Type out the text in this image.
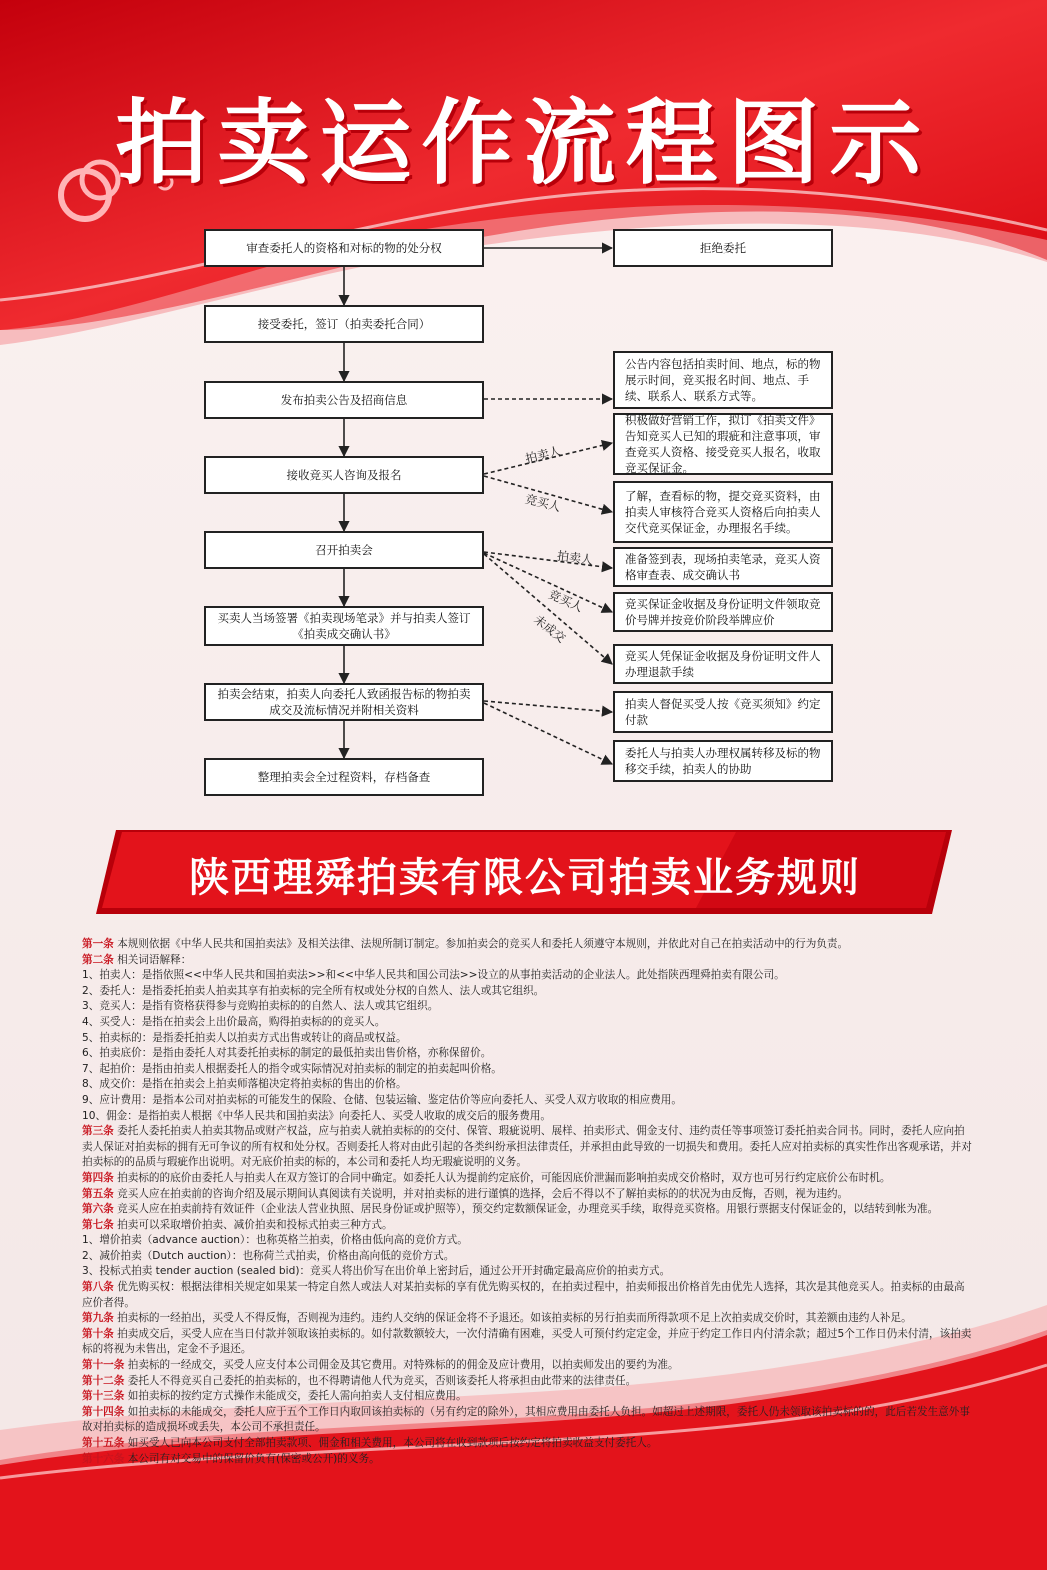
拍卖运作流程图示
审查委托人的资格和对标的物的处分权
接受委托，签订（拍卖委托合同）
发布拍卖公告及招商信息
接收竞买人咨询及报名
召开拍卖会
买卖人当场签署《拍卖现场笔录》并与拍卖人签订《拍卖成交确认书》
拍卖会结束，拍卖人向委托人致函报告标的物拍卖成交及流标情况并附相关资料
整理拍卖会全过程资料，存档备查
拒绝委托
公告内容包括拍卖时间、地点，标的物展示时间，竞买报名时间、地点、手续、联系人、联系方式等。
积极做好营销工作，拟订《拍卖文件》告知竞买人已知的瑕疵和注意事项，审查竞买人资格、接受竞买人报名，收取竞买保证金。
了解，查看标的物，提交竞买资料，由拍卖人审核符合竞买人资格后向拍卖人交代竞买保证金，办理报名手续。
准备签到表，现场拍卖笔录，竞买人资格审查表、成交确认书
竞买保证金收据及身份证明文件领取竞价号牌并按竞价阶段举牌应价
竞买人凭保证金收据及身份证明文件人办理退款手续
拍卖人督促买受人按《竞买须知》约定付款
委托人与拍卖人办理权属转移及标的物移交手续，拍卖人的协助
拍卖人
竞买人
拍卖人
竞买人
未成交
陕西理舜拍卖有限公司拍卖业务规则

第一条 本规则依据《中华人民共和国拍卖法》及相关法律、法规所制订制定。参加拍卖会的竞买人和委托人须遵守本规则，并依此对自己在拍卖活动中的行为负责。

第二条 相关词语解释：

1、拍卖人：是指依照<<中华人民共和国拍卖法>>和<<中华人民共和国公司法>>设立的从事拍卖活动的企业法人。此处指陕西理舜拍卖有限公司。

2、委托人：是指委托拍卖人拍卖其享有拍卖标的完全所有权或处分权的自然人、法人或其它组织。

3、竞买人：是指有资格获得参与竞购拍卖标的的自然人、法人或其它组织。

4、买受人：是指在拍卖会上出价最高，购得拍卖标的的竞买人。

5、拍卖标的：是指委托拍卖人以拍卖方式出售或转让的商品或权益。

6、拍卖底价：是指由委托人对其委托拍卖标的制定的最低拍卖出售价格，亦称保留价。

7、起拍价：是指由拍卖人根据委托人的指令或实际情况对拍卖标的制定的拍卖起叫价格。

8、成交价：是指在拍卖会上拍卖师落槌决定将拍卖标的售出的价格。

9、应计费用：是指本公司对拍卖标的可能发生的保险、仓储、包装运输、鉴定估价等应向委托人、买受人双方收取的相应费用。

10、佣金：是指拍卖人根据《中华人民共和国拍卖法》向委托人、买受人收取的成交后的服务费用。

第三条 委托人委托拍卖人拍卖其物品或财产权益，应与拍卖人就拍卖标的的交付、保管、瑕疵说明、展样、拍卖形式、佣金支付、违约责任等事项签订委托拍卖合同书。同时，委托人应向拍卖人保证对拍卖标的拥有无可争议的所有权和处分权。否则委托人将对由此引起的各类纠纷承担法律责任，并承担由此导致的一切损失和费用。委托人应对拍卖标的真实性作出客观承诺，并对拍卖标的的品质与瑕疵作出说明。对无底价拍卖的标的，本公司和委托人均无瑕疵说明的义务。

第四条 拍卖标的的底价由委托人与拍卖人在双方签订的合同中确定。如委托人认为提前约定底价，可能因底价泄漏而影响拍卖成交价格时，双方也可另行约定底价公布时机。

第五条 竞买人应在拍卖前的咨询介绍及展示期间认真阅读有关说明，并对拍卖标的进行谨慎的选择，会后不得以不了解拍卖标的的状况为由反悔，否则，视为违约。

第六条 竞买人应在拍卖前持有效证件（企业法人营业执照、居民身份证或护照等），预交约定数额保证金，办理竞买手续，取得竞买资格。用银行票据支付保证金的，以结转到帐为准。

第七条 拍卖可以采取增价拍卖、减价拍卖和投标式拍卖三种方式。

1、增价拍卖（advance auction）：也称英格兰拍卖，价格由低向高的竞价方式。

2、减价拍卖（Dutch auction）：也称荷兰式拍卖，价格由高向低的竞价方式。

3、投标式拍卖 tender auction (sealed bid)：竞买人将出价写在出价单上密封后，通过公开开封确定最高应价的拍卖方式。

第八条 优先购买权：根据法律相关规定如果某一特定自然人或法人对某拍卖标的享有优先购买权的，在拍卖过程中，拍卖师报出价格首先由优先人选择，其次是其他竞买人。拍卖标的由最高应价者得。

第九条 拍卖标的一经拍出，买受人不得反悔，否则视为违约。违约人交纳的保证金将不予退还。如该拍卖标的另行拍卖而所得款项不足上次拍卖成交价时，其差额由违约人补足。

第十条 拍卖成交后，买受人应在当日付款并领取该拍卖标的。如付款数额较大，一次付清确有困难，买受人可预付约定定金，并应于约定工作日内付清余款；超过5个工作日仍未付清，该拍卖标的将视为未售出，定金不予退还。

第十一条 拍卖标的一经成交，买受人应支付本公司佣金及其它费用。对特殊标的的佣金及应计费用，以拍卖师发出的要约为准。

第十二条 委托人不得竞买自己委托的拍卖标的，也不得聘请他人代为竞买，否则该委托人将承担由此带来的法律责任。

第十三条 如拍卖标的按约定方式操作未能成交，委托人需向拍卖人支付相应费用。

第十四条 如拍卖标的未能成交，委托人应于五个工作日内取回该拍卖标的（另有约定的除外），其相应费用由委托人负担。如超过上述期限，委托人仍未领取该拍卖标的的，此后若发生意外事故对拍卖标的造成损坏或丢失，本公司不承担责任。

第十五条 如买受人已向本公司支付全部拍卖款项、佣金和相关费用，本公司将在收到款项后按约定将拍卖收益支付委托人。

第十六条 本公司有对交易中的保留价负有(保密或公开)的义务。
